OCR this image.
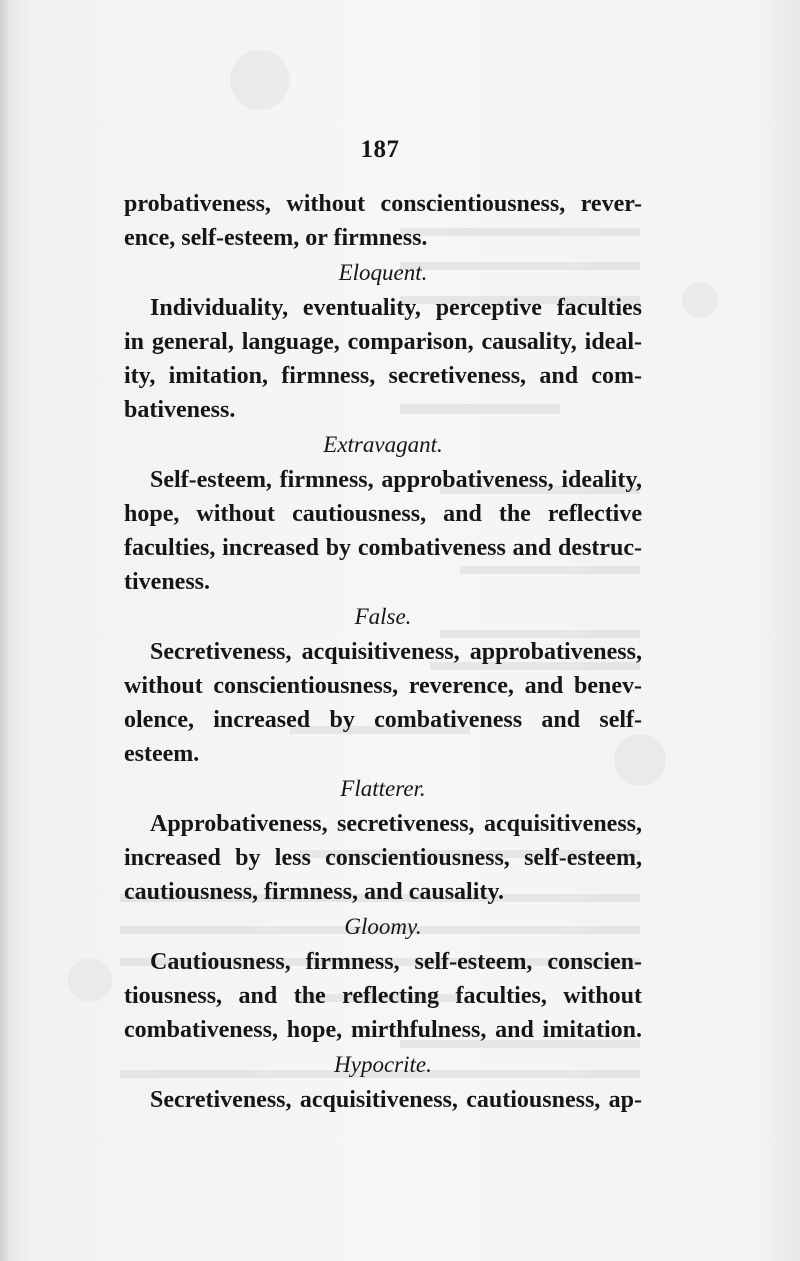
187
probativeness, without conscientiousness, rever-
ence, self-esteem, or firmness.
Eloquent.
Individuality, eventuality, perceptive faculties
in general, language, comparison, causality, ideal-
ity, imitation, firmness, secretiveness, and com-
bativeness.
Extravagant.
Self-esteem, firmness, approbativeness, ideality,
hope, without cautiousness, and the reflective
faculties, increased by combativeness and destruc-
tiveness.
False.
Secretiveness, acquisitiveness, approbativeness,
without conscientiousness, reverence, and benev-
olence, increased by combativeness and self-
esteem.
Flatterer.
Approbativeness, secretiveness, acquisitiveness,
increased by less conscientiousness, self-esteem,
cautiousness, firmness, and causality.
Gloomy.
Cautiousness, firmness, self-esteem, conscien-
tiousness, and the reflecting faculties, without
combativeness, hope, mirthfulness, and imitation.
Hypocrite.
Secretiveness, acquisitiveness, cautiousness, ap-
